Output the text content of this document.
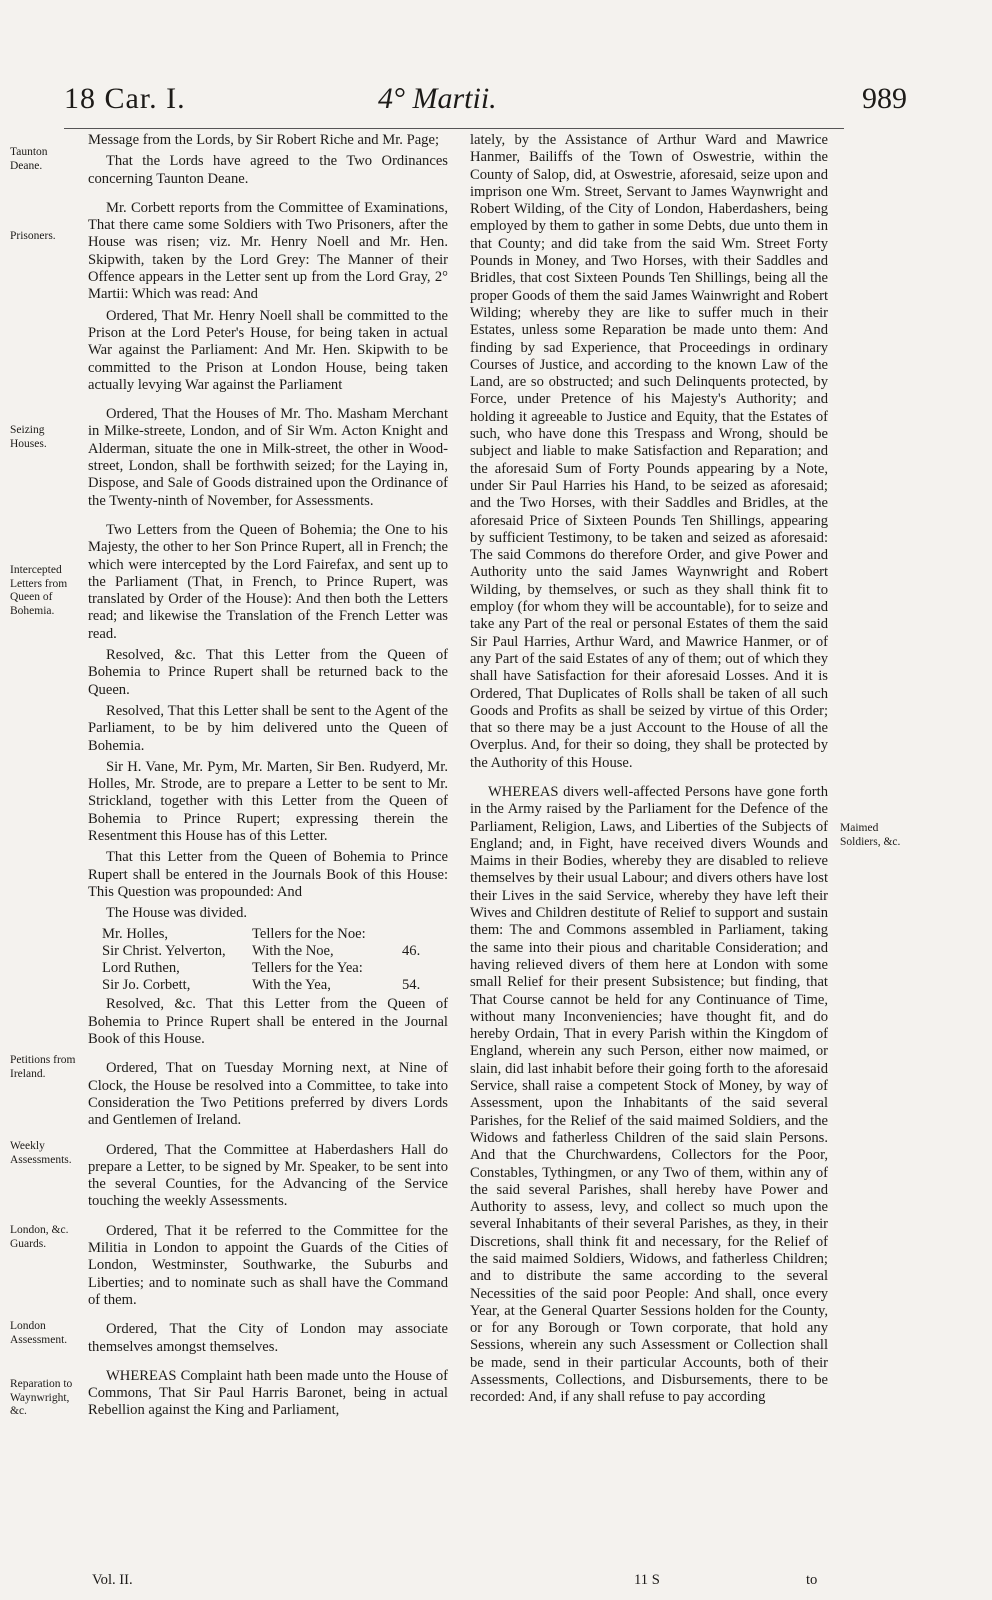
18 Car. I.	4° Martii.	989
Taunton Deane.
Prisoners.
Seizing Houses.
Intercepted Letters from Queen of Bohemia.
Petitions from Ireland.
Weekly Assessments.
London, &c. Guards.
London Assessment.
Reparation to Waynwright, &c.
Maimed Soldiers, &c.

Message from the Lords, by Sir Robert Riche and Mr. Page;

That the Lords have agreed to the Two Ordinances concerning Taunton Deane.

Mr. Corbett reports from the Committee of Examinations, That there came some Soldiers with Two Prisoners, after the House was risen; viz. Mr. Henry Noell and Mr. Hen. Skipwith, taken by the Lord Grey: The Manner of their Offence appears in the Letter sent up from the Lord Gray, 2° Martii: Which was read: And

Ordered, That Mr. Henry Noell shall be committed to the Prison at the Lord Peter's House, for being taken in actual War against the Parliament: And Mr. Hen. Skipwith to be committed to the Prison at London House, being taken actually levying War against the Parliament

Ordered, That the Houses of Mr. Tho. Masham Merchant in Milke-streete, London, and of Sir Wm. Acton Knight and Alderman, situate the one in Milk-street, the other in Wood-street, London, shall be forthwith seized; for the Laying in, Dispose, and Sale of Goods distrained upon the Ordinance of the Twenty-ninth of November, for Assessments.

Two Letters from the Queen of Bohemia; the One to his Majesty, the other to her Son Prince Rupert, all in French; the which were intercepted by the Lord Fairefax, and sent up to the Parliament (That, in French, to Prince Rupert, was translated by Order of the House): And then both the Letters read; and likewise the Translation of the French Letter was read.

Resolved, &c. That this Letter from the Queen of Bohemia to Prince Rupert shall be returned back to the Queen.

Resolved, That this Letter shall be sent to the Agent of the Parliament, to be by him delivered unto the Queen of Bohemia.

Sir H. Vane, Mr. Pym, Mr. Marten, Sir Ben. Rudyerd, Mr. Holles, Mr. Strode, are to prepare a Letter to be sent to Mr. Strickland, together with this Letter from the Queen of Bohemia to Prince Rupert; expressing therein the Resentment this House has of this Letter.

That this Letter from the Queen of Bohemia to Prince Rupert shall be entered in the Journals Book of this House: This Question was propounded: And

The House was divided.

Mr. Holles,	Tellers for the Noe:
Sir Christ. Yelverton,	With the Noe,	46.
Lord Ruthen,	Tellers for the Yea:
Sir Jo. Corbett,	With the Yea,	54.

Resolved, &c. That this Letter from the Queen of Bohemia to Prince Rupert shall be entered in the Journal Book of this House.

Ordered, That on Tuesday Morning next, at Nine of Clock, the House be resolved into a Committee, to take into Consideration the Two Petitions preferred by divers Lords and Gentlemen of Ireland.

Ordered, That the Committee at Haberdashers Hall do prepare a Letter, to be signed by Mr. Speaker, to be sent into the several Counties, for the Advancing of the Service touching the weekly Assessments.

Ordered, That it be referred to the Committee for the Militia in London to appoint the Guards of the Cities of London, Westminster, Southwarke, the Suburbs and Liberties; and to nominate such as shall have the Command of them.

Ordered, That the City of London may associate themselves amongst themselves.

WHEREAS Complaint hath been made unto the House of Commons, That Sir Paul Harris Baronet, being in actual Rebellion against the King and Parliament,

lately, by the Assistance of Arthur Ward and Mawrice Hanmer, Bailiffs of the Town of Oswestrie, within the County of Salop, did, at Oswestrie, aforesaid, seize upon and imprison one Wm. Street, Servant to James Waynwright and Robert Wilding, of the City of London, Haberdashers, being employed by them to gather in some Debts, due unto them in that County; and did take from the said Wm. Street Forty Pounds in Money, and Two Horses, with their Saddles and Bridles, that cost Sixteen Pounds Ten Shillings, being all the proper Goods of them the said James Wainwright and Robert Wilding; whereby they are like to suffer much in their Estates, unless some Reparation be made unto them: And finding by sad Experience, that Proceedings in ordinary Courses of Justice, and according to the known Law of the Land, are so obstructed; and such Delinquents protected, by Force, under Pretence of his Majesty's Authority; and holding it agreeable to Justice and Equity, that the Estates of such, who have done this Trespass and Wrong, should be subject and liable to make Satisfaction and Reparation; and the aforesaid Sum of Forty Pounds appearing by a Note, under Sir Paul Harries his Hand, to be seized as aforesaid; and the Two Horses, with their Saddles and Bridles, at the aforesaid Price of Sixteen Pounds Ten Shillings, appearing by sufficient Testimony, to be taken and seized as aforesaid: The said Commons do therefore Order, and give Power and Authority unto the said James Waynwright and Robert Wilding, by themselves, or such as they shall think fit to employ (for whom they will be accountable), for to seize and take any Part of the real or personal Estates of them the said Sir Paul Harries, Arthur Ward, and Mawrice Hanmer, or of any Part of the said Estates of any of them; out of which they shall have Satisfaction for their aforesaid Losses. And it is Ordered, That Duplicates of Rolls shall be taken of all such Goods and Profits as shall be seized by virtue of this Order; that so there may be a just Account to the House of all the Overplus. And, for their so doing, they shall be protected by the Authority of this House.

WHEREAS divers well-affected Persons have gone forth in the Army raised by the Parliament for the Defence of the Parliament, Religion, Laws, and Liberties of the Subjects of England; and, in Fight, have received divers Wounds and Maims in their Bodies, whereby they are disabled to relieve themselves by their usual Labour; and divers others have lost their Lives in the said Service, whereby they have left their Wives and Children destitute of Relief to support and sustain them: The and Commons assembled in Parliament, taking the same into their pious and charitable Consideration; and having relieved divers of them here at London with some small Relief for their present Subsistence; but finding, that That Course cannot be held for any Continuance of Time, without many Inconveniencies; have thought fit, and do hereby Ordain, That in every Parish within the Kingdom of England, wherein any such Person, either now maimed, or slain, did last inhabit before their going forth to the aforesaid Service, shall raise a competent Stock of Money, by way of Assessment, upon the Inhabitants of the said several Parishes, for the Relief of the said maimed Soldiers, and the Widows and fatherless Children of the said slain Persons. And that the Churchwardens, Collectors for the Poor, Constables, Tythingmen, or any Two of them, within any of the said several Parishes, shall hereby have Power and Authority to assess, levy, and collect so much upon the several Inhabitants of their several Parishes, as they, in their Discretions, shall think fit and necessary, for the Relief of the said maimed Soldiers, Widows, and fatherless Children; and to distribute the same according to the several Necessities of the said poor People: And shall, once every Year, at the General Quarter Sessions holden for the County, or for any Borough or Town corporate, that hold any Sessions, wherein any such Assessment or Collection shall be made, send in their particular Accounts, both of their Assessments, Collections, and Disbursements, there to be recorded: And, if any shall refuse to pay according

Vol. II.	11 S	to
